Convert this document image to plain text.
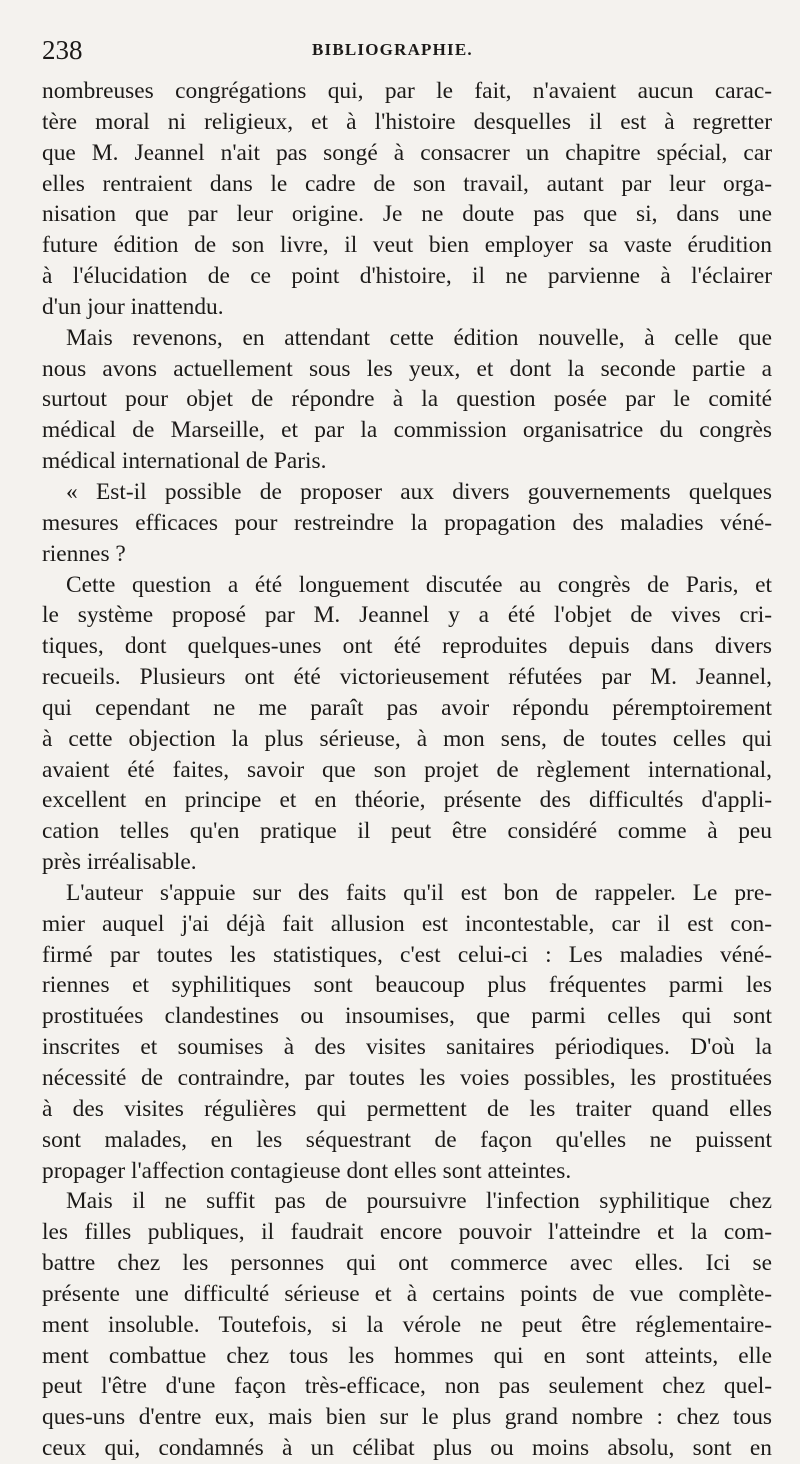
238	BIBLIOGRAPHIE.
nombreuses congrégations qui, par le fait, n'avaient aucun carac-
tère moral ni religieux, et à l'histoire desquelles il est à regretter
que M. Jeannel n'ait pas songé à consacrer un chapitre spécial, car
elles rentraient dans le cadre de son travail, autant par leur orga-
nisation que par leur origine. Je ne doute pas que si, dans une
future édition de son livre, il veut bien employer sa vaste érudition
à l'élucidation de ce point d'histoire, il ne parvienne à l'éclairer
d'un jour inattendu.
Mais revenons, en attendant cette édition nouvelle, à celle que
nous avons actuellement sous les yeux, et dont la seconde partie a
surtout pour objet de répondre à la question posée par le comité
médical de Marseille, et par la commission organisatrice du congrès
médical international de Paris.
« Est-il possible de proposer aux divers gouvernements quelques
mesures efficaces pour restreindre la propagation des maladies véné-
riennes ?
Cette question a été longuement discutée au congrès de Paris, et
le système proposé par M. Jeannel y a été l'objet de vives cri-
tiques, dont quelques-unes ont été reproduites depuis dans divers
recueils. Plusieurs ont été victorieusement réfutées par M. Jeannel,
qui cependant ne me paraît pas avoir répondu péremptoirement
à cette objection la plus sérieuse, à mon sens, de toutes celles qui
avaient été faites, savoir que son projet de règlement international,
excellent en principe et en théorie, présente des difficultés d'appli-
cation telles qu'en pratique il peut être considéré comme à peu
près irréalisable.
L'auteur s'appuie sur des faits qu'il est bon de rappeler. Le pre-
mier auquel j'ai déjà fait allusion est incontestable, car il est con-
firmé par toutes les statistiques, c'est celui-ci : Les maladies véné-
riennes et syphilitiques sont beaucoup plus fréquentes parmi les
prostituées clandestines ou insoumises, que parmi celles qui sont
inscrites et soumises à des visites sanitaires périodiques. D'où la
nécessité de contraindre, par toutes les voies possibles, les prostituées
à des visites régulières qui permettent de les traiter quand elles
sont malades, en les séquestrant de façon qu'elles ne puissent
propager l'affection contagieuse dont elles sont atteintes.
Mais il ne suffit pas de poursuivre l'infection syphilitique chez
les filles publiques, il faudrait encore pouvoir l'atteindre et la com-
battre chez les personnes qui ont commerce avec elles. Ici se
présente une difficulté sérieuse et à certains points de vue complète-
ment insoluble. Toutefois, si la vérole ne peut être réglementaire-
ment combattue chez tous les hommes qui en sont atteints, elle
peut l'être d'une façon très-efficace, non pas seulement chez quel-
ques-uns d'entre eux, mais bien sur le plus grand nombre : chez tous
ceux qui, condamnés à un célibat plus ou moins absolu, sont en
